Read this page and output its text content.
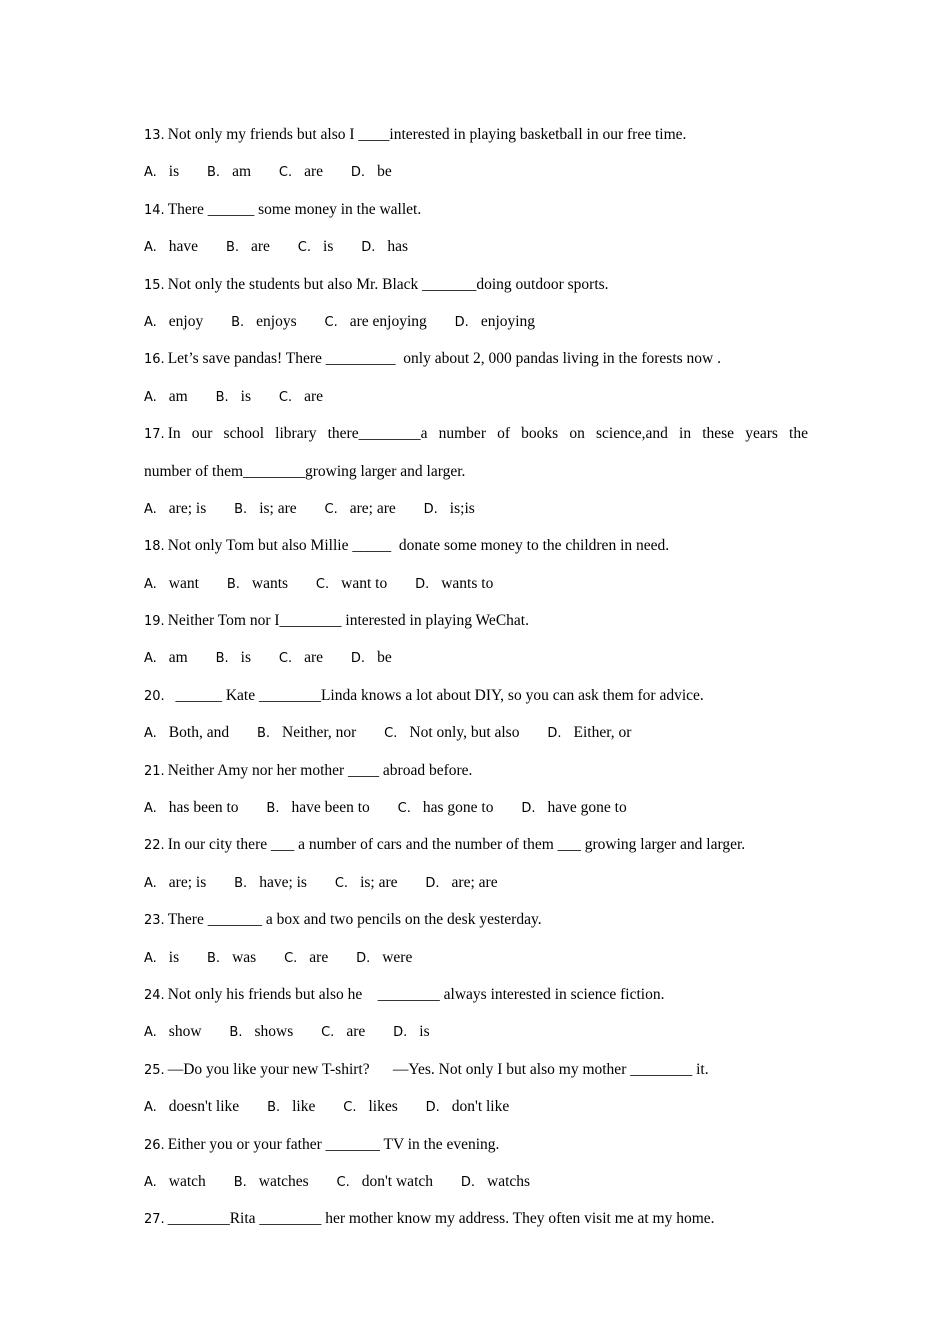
13. Not only my friends but also I ____interested in playing basketball in our free time.
A. is B. am C. are D. be
14. There ______ some money in the wallet.
A. have B. are C. is D. has
15. Not only the students but also Mr. Black _______doing outdoor sports.
A. enjoy B. enjoys C. are enjoying D. enjoying
16. Let’s save pandas! There _________  only about 2, 000 pandas living in the forests now .
A. am B. is C. are
17. In our school library there________a number of books on science,and in these years the
number of them________growing larger and larger.
A. are; is B. is; are C. are; are D. is;is
18. Not only Tom but also Millie _____  donate some money to the children in need.
A. want B. wants C. want to D. wants to
19. Neither Tom nor I________ interested in playing WeChat.
A. am B. is C. are D. be
20.  ______ Kate ________Linda knows a lot about DIY, so you can ask them for advice.
A. Both, and B. Neither, nor C. Not only, but also D. Either, or
21. Neither Amy nor her mother ____ abroad before.
A. has been to B. have been to C. has gone to D. have gone to
22. In our city there ___ a number of cars and the number of them ___ growing larger and larger.
A. are; is B. have; is C. is; are D. are; are
23. There _______ a box and two pencils on the desk yesterday.
A. is B. was C. are D. were
24. Not only his friends but also he    ________ always interested in science fiction.
A. show B. shows C. are D. is
25. —Do you like your new T-shirt?      —Yes. Not only I but also my mother ________ it.
A. doesn't like B. like C. likes D. don't like
26. Either you or your father _______ TV in the evening.
A. watch B. watches C. don't watch D. watchs
27. ________Rita ________ her mother know my address. They often visit me at my home.
